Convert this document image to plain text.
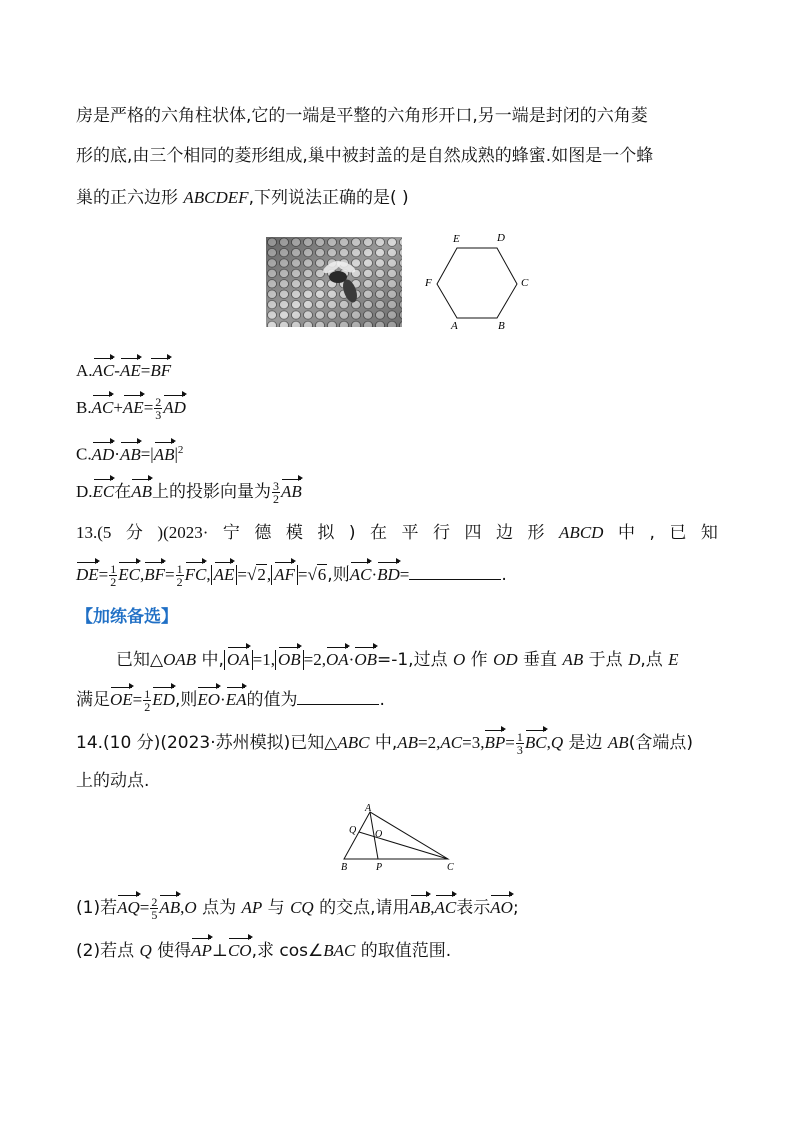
房是严格的六角柱状体,它的一端是平整的六角形开口,另一端是封闭的六角菱
形的底,由三个相同的菱形组成,巢中被封盖的是自然成熟的蜂蜜.如图是一个蜂
巢的正六边形 ABCDEF,下列说法正确的是( )
A	B
C
D
E
F
A.AC-AE=BF
$B.AC+AE= \frac{2}{3}$ AD
$C.AD\cdot AB=|AB|^2$
D.EC在AB上的投影向量为 $\frac{3}{2}$ AB
13.(5 分 )(2023· 宁 德 模 拟 ) 在 平 行 四 边 形 ABCD 中 , 已 知
$DE= \frac{1}{2} EC,BF= \frac{1}{2}$ FC, AE =√2, AF =√6,则AC·BD=	.
【加练备选】
已知△OAB 中, OA =1, OB =2,OA·OB=-1,过点 O 作 OD 垂直 AB 于点 D,点 E
满足$OE= \frac{1}{2}$ ED,则EO·EA的值为	.
14.(10 分)(2023·苏州模拟)已知△ABC 中$,AB=2,AC=3,BP= \frac{1}{3} BC,Q$ 是边 AB(含端点)
上的动点.
A
Q O
B	P	C
(1)若$AQ= \frac{2}{5} AB,O$ 点为 AP 与 CQ 的交点,请用AB,AC表示AO;
(2)若点 Q 使得AP⊥CO,求 cos∠BAC 的取值范围.
